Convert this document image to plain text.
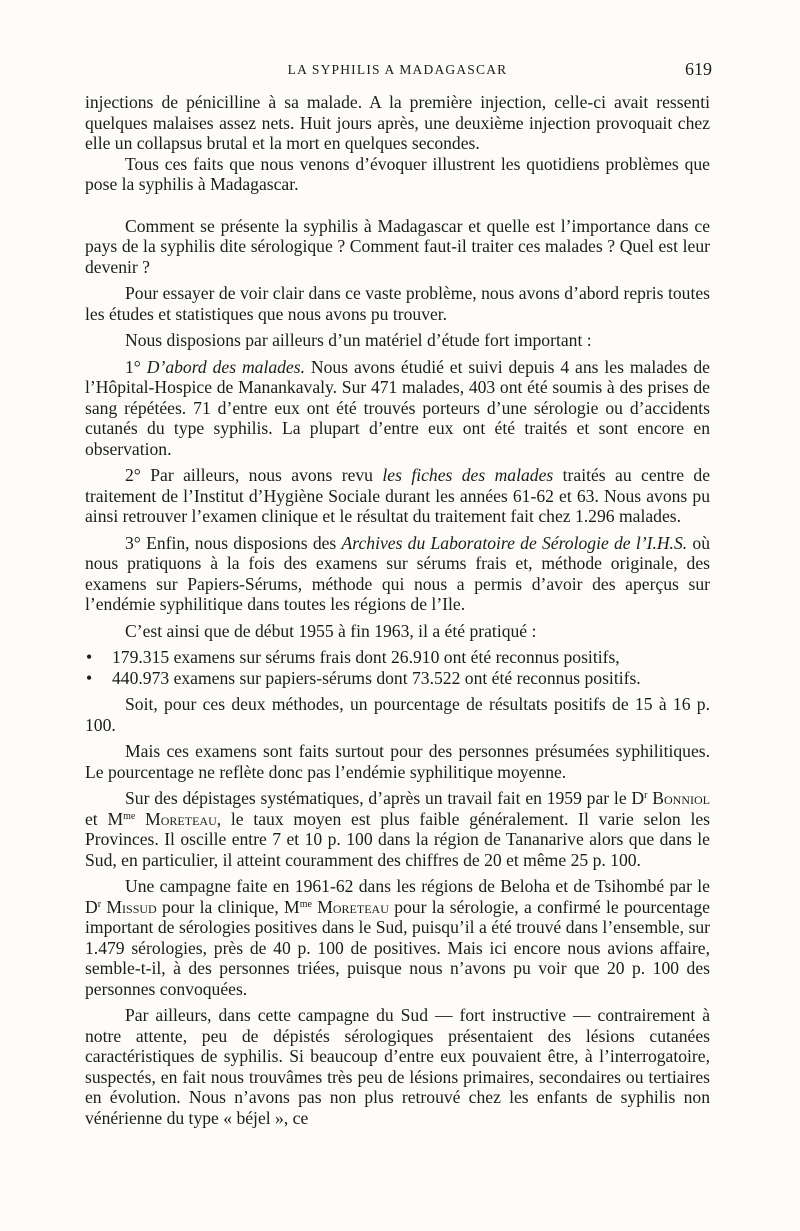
LA SYPHILIS A MADAGASCAR	619

injections de pénicilline à sa malade. A la première injection, celle-ci avait ressenti quelques malaises assez nets. Huit jours après, une deuxième injection provoquait chez elle un collapsus brutal et la mort en quelques secondes.

Tous ces faits que nous venons d’évoquer illustrent les quotidiens problèmes que pose la syphilis à Madagascar.

Comment se présente la syphilis à Madagascar et quelle est l’importance dans ce pays de la syphilis dite sérologique ? Comment faut-il traiter ces malades ? Quel est leur devenir ?

Pour essayer de voir clair dans ce vaste problème, nous avons d’abord repris toutes les études et statistiques que nous avons pu trouver.

Nous disposions par ailleurs d’un matériel d’étude fort important :

1° D’abord des malades. Nous avons étudié et suivi depuis 4 ans les malades de l’Hôpital-Hospice de Manankavaly. Sur 471 malades, 403 ont été soumis à des prises de sang répétées. 71 d’entre eux ont été trouvés porteurs d’une sérologie ou d’accidents cutanés du type syphilis. La plupart d’entre eux ont été traités et sont encore en observation.

2° Par ailleurs, nous avons revu les fiches des malades traités au centre de traitement de l’Institut d’Hygiène Sociale durant les années 61-62 et 63. Nous avons pu ainsi retrouver l’examen clinique et le résultat du traitement fait chez 1.296 malades.

3° Enfin, nous disposions des Archives du Laboratoire de Sérologie de l’I.H.S. où nous pratiquons à la fois des examens sur sérums frais et, méthode originale, des examens sur Papiers-Sérums, méthode qui nous a permis d’avoir des aperçus sur l’endémie syphilitique dans toutes les régions de l’Ile.

C’est ainsi que de début 1955 à fin 1963, il a été pratiqué :

• 179.315 examens sur sérums frais dont 26.910 ont été reconnus positifs,
• 440.973 examens sur papiers-sérums dont 73.522 ont été reconnus positifs.

Soit, pour ces deux méthodes, un pourcentage de résultats positifs de 15 à 16 p. 100.

Mais ces examens sont faits surtout pour des personnes présumées syphilitiques. Le pourcentage ne reflète donc pas l’endémie syphilitique moyenne.

Sur des dépistages systématiques, d’après un travail fait en 1959 par le $D^r$ Bonniol et $M^{me}$ Moreteau, le taux moyen est plus faible généralement. Il varie selon les Provinces. Il oscille entre 7 et 10 p. 100 dans la région de Tananarive alors que dans le Sud, en particulier, il atteint couramment des chiffres de 20 et même 25 p. 100.

Une campagne faite en 1961-62 dans les régions de Beloha et de Tsihombé par le $D^r$ Missud pour la clinique, $M^{me}$ Moreteau pour la sérologie, a confirmé le pourcentage important de sérologies positives dans le Sud, puisqu’il a été trouvé dans l’ensemble, sur 1.479 sérologies, près de 40 p. 100 de positives. Mais ici encore nous avions affaire, semble-t-il, à des personnes triées, puisque nous n’avons pu voir que 20 p. 100 des personnes convoquées.

Par ailleurs, dans cette campagne du Sud — fort instructive — contrairement à notre attente, peu de dépistés sérologiques présentaient des lésions cutanées caractéristiques de syphilis. Si beaucoup d’entre eux pouvaient être, à l’interrogatoire, suspectés, en fait nous trouvâmes très peu de lésions primaires, secondaires ou tertiaires en évolution. Nous n’avons pas non plus retrouvé chez les enfants de syphilis non vénérienne du type « béjel », ce
